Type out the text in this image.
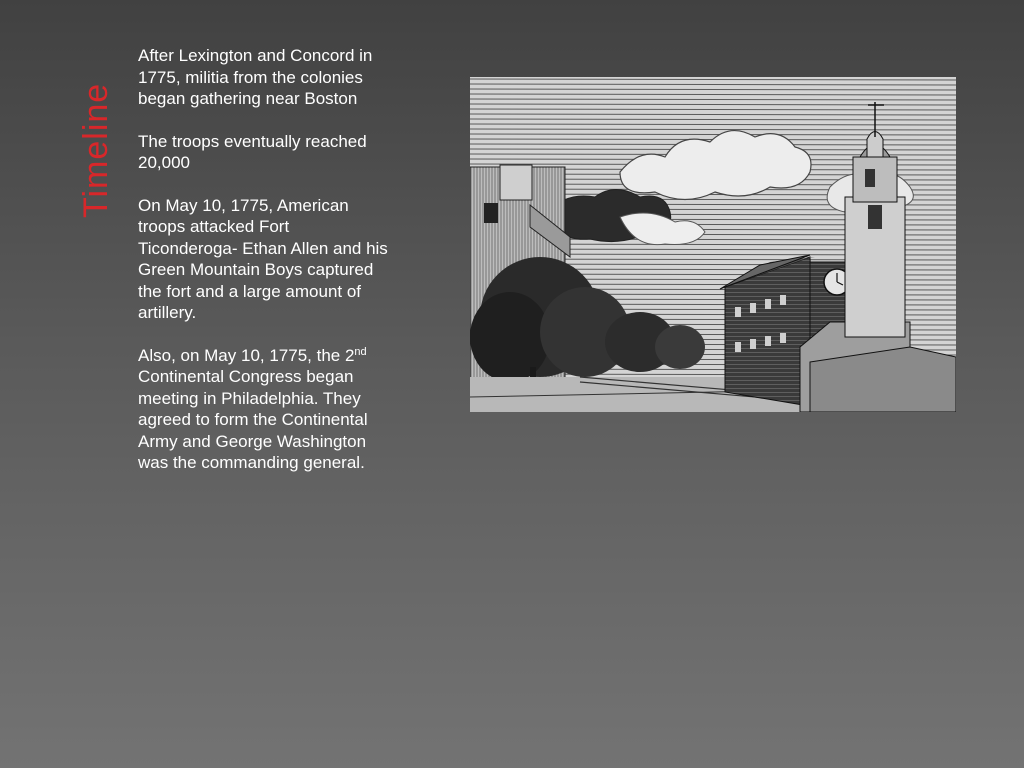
Timeline

After Lexington and Concord in 1775, militia from the colonies began gathering near Boston

The troops eventually reached 20,000

On May 10, 1775, American troops attacked Fort Ticonderoga- Ethan Allen and his Green Mountain Boys captured the fort and a large amount of artillery.

Also, on May 10, 1775, the 2nd Continental Congress began meeting in Philadelphia. They agreed to form the Continental Army and George Washington was the commanding general.
